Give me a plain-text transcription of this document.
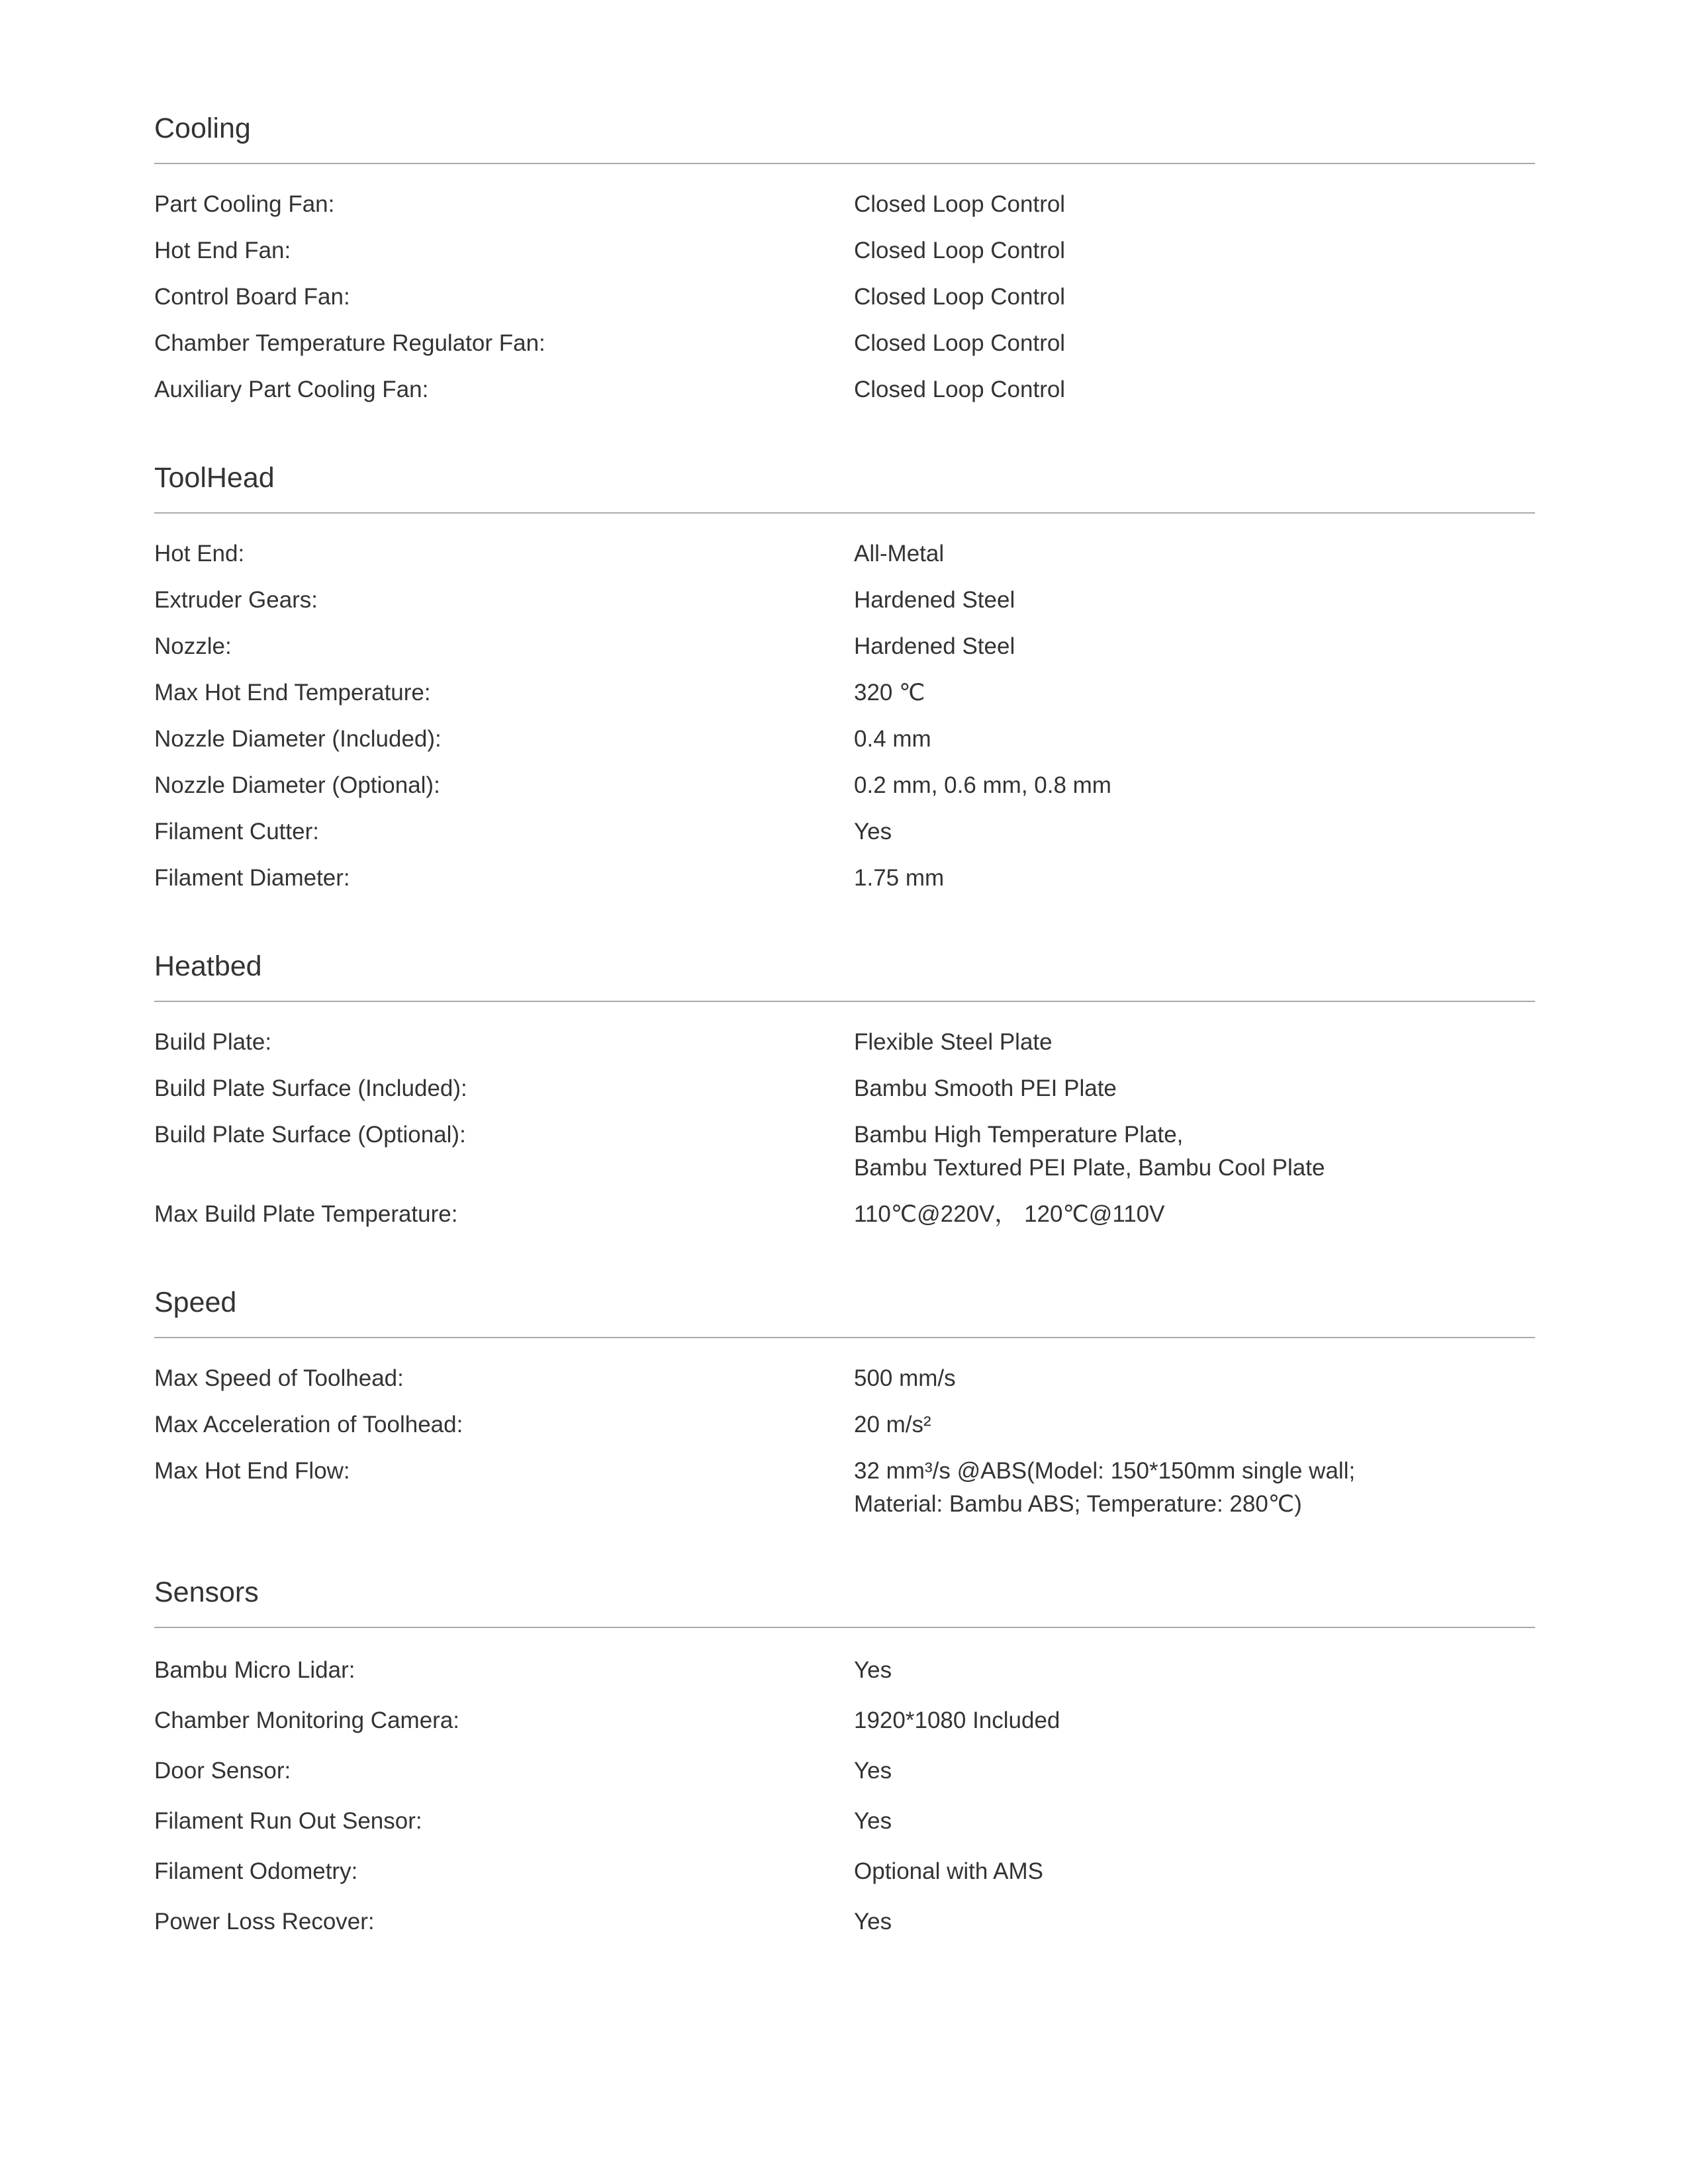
Cooling
Part Cooling Fan:	Closed Loop Control
Hot End Fan:	Closed Loop Control
Control Board Fan:	Closed Loop Control
Chamber Temperature Regulator Fan:	Closed Loop Control
Auxiliary Part Cooling Fan:	Closed Loop Control
ToolHead
Hot End:	All-Metal
Extruder Gears:	Hardened Steel
Nozzle:	Hardened Steel
Max Hot End Temperature:	320 ℃
Nozzle Diameter (Included):	0.4 mm
Nozzle Diameter (Optional):	0.2 mm, 0.6 mm, 0.8 mm
Filament Cutter:	Yes
Filament Diameter:	1.75 mm
Heatbed
Build Plate:	Flexible Steel Plate
Build Plate Surface (Included):	Bambu Smooth PEI Plate
Build Plate Surface (Optional):	Bambu High Temperature Plate,
Bambu Textured PEI Plate, Bambu Cool Plate
Max Build Plate Temperature:	110℃@220V， 120℃@110V
Speed
Max Speed of Toolhead:	500 mm/s
Max Acceleration of Toolhead:	20 m/s²
Max Hot End Flow:	32 mm³/s @ABS(Model: 150*150mm single wall;
Material: Bambu ABS; Temperature: 280℃)
Sensors
Bambu Micro Lidar:	Yes
Chamber Monitoring Camera:	1920*1080 Included
Door Sensor:	Yes
Filament Run Out Sensor:	Yes
Filament Odometry:	Optional with AMS
Power Loss Recover:	Yes
